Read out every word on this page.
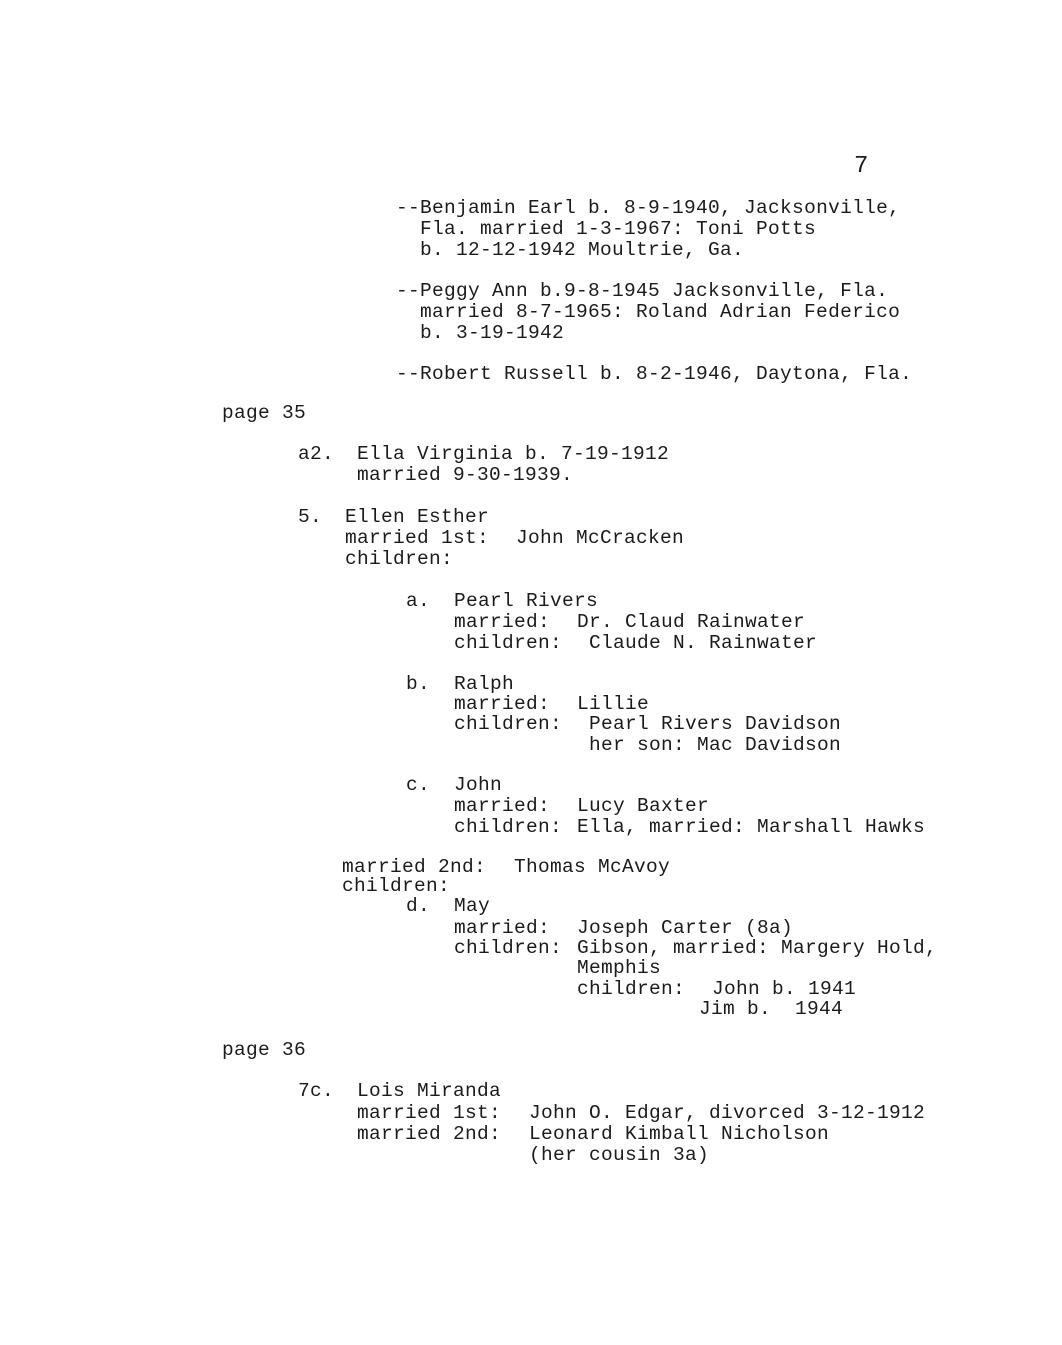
7
--Benjamin Earl b. 8-9-1940, Jacksonville,
Fla. married 1-3-1967: Toni Potts
b. 12-12-1942 Moultrie, Ga.
--Peggy Ann b.9-8-1945 Jacksonville, Fla.
married 8-7-1965: Roland Adrian Federico
b. 3-19-1942
--Robert Russell b. 8-2-1946, Daytona, Fla.
page 35
a2. Ella Virginia b. 7-19-1912
married 9-30-1939.
5. Ellen Esther
married 1st: John McCracken
children:
a. Pearl Rivers
married: Dr. Claud Rainwater
children: Claude N. Rainwater
b. Ralph
married: Lillie
children: Pearl Rivers Davidson
her son: Mac Davidson
c. John
married: Lucy Baxter
children: Ella, married: Marshall Hawks
married 2nd: Thomas McAvoy
children:
d. May
married: Joseph Carter (8a)
children: Gibson, married: Margery Hold,
Memphis
children: John b. 1941
Jim b.  1944
page 36
7c. Lois Miranda
married 1st: John O. Edgar, divorced 3-12-1912
married 2nd: Leonard Kimball Nicholson
(her cousin 3a)
